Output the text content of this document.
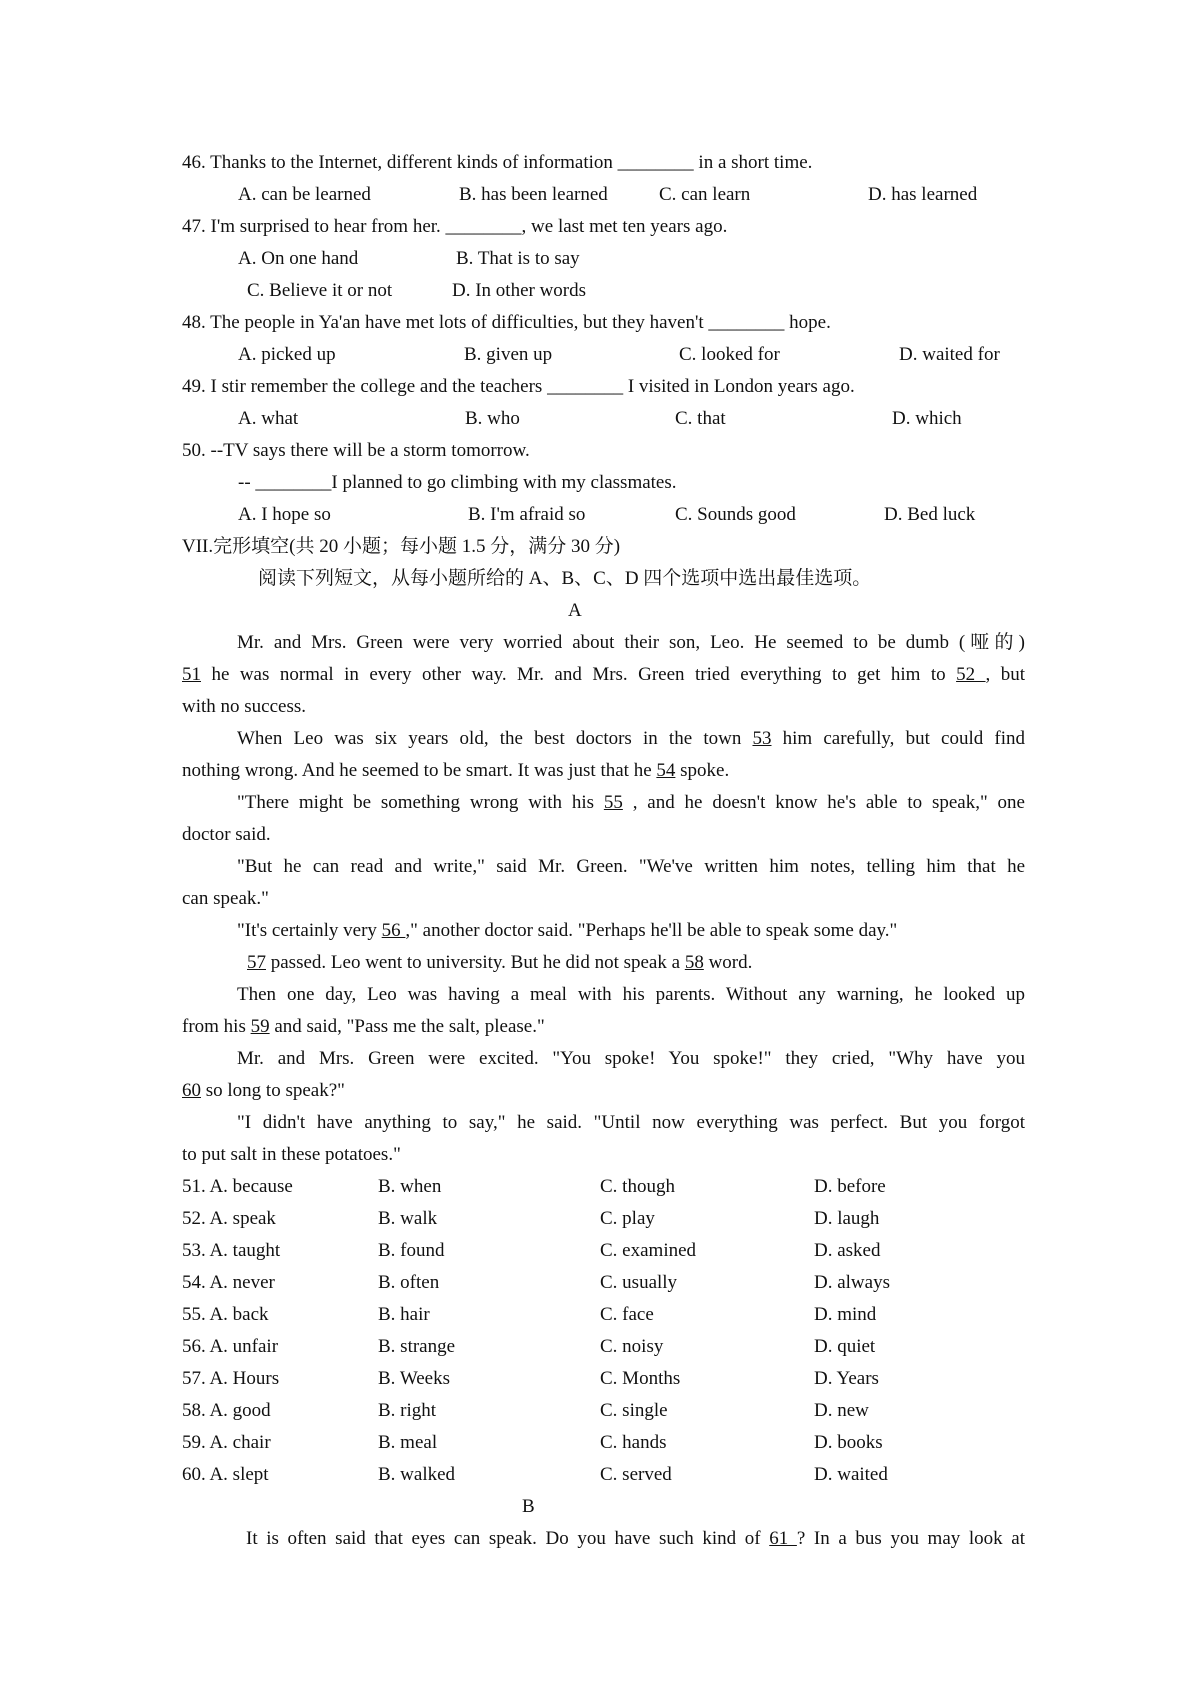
46. Thanks to the Internet, different kinds of information ________ in a short time.
A. can be learned	B. has been learned	C. can learn	D. has learned
47. I'm surprised to hear from her. ________, we last met ten years ago.
A. On one hand	B. That is to say
C. Believe it or not	D. In other words
48. The people in Ya'an have met lots of difficulties, but they haven't ________ hope.
A. picked up	B. given up	C. looked for	D. waited for
49. I stir remember the college and the teachers ________ I visited in London years ago.
A. what	B. who	C. that	D. which
50. --TV says there will be a storm tomorrow.
-- ________I planned to go climbing with my classmates.
A. I hope so	B. I'm afraid so	C. Sounds good	D. Bed luck
VII.完形填空(共 20 小题；每小题 1.5 分，满分 30 分)
阅读下列短文，从每小题所给的 A、B、C、D 四个选项中选出最佳选项。
A
Mr. and Mrs. Green were very worried about their son, Leo. He seemed to be dumb (哑的)
51 he was normal in every other way. Mr. and Mrs. Green tried everything to get him to 52 , but
with no success.
When Leo was six years old, the best doctors in the town 53 him carefully, but could find
nothing wrong. And he seemed to be smart. It was just that he 54 spoke.
"There might be something wrong with his 55 , and he doesn't know he's able to speak," one
doctor said.
"But he can read and write," said Mr. Green. "We've written him notes, telling him that he
can speak."
"It's certainly very 56 ," another doctor said. "Perhaps he'll be able to speak some day."
57 passed. Leo went to university. But he did not speak a 58 word.
Then one day, Leo was having a meal with his parents. Without any warning, he looked up
from his 59 and said, "Pass me the salt, please."
Mr. and Mrs. Green were excited. "You spoke! You spoke!" they cried, "Why have you
60 so long to speak?"
"I didn't have anything to say," he said. "Until now everything was perfect. But you forgot
to put salt in these potatoes."
51. A. because	B. when	C. though	D. before
52. A. speak	B. walk	C. play	D. laugh
53. A. taught	B. found	C. examined	D. asked
54. A. never	B. often	C. usually	D. always
55. A. back	B. hair	C. face	D. mind
56. A. unfair	B. strange	C. noisy	D. quiet
57. A. Hours	B. Weeks	C. Months	D. Years
58. A. good	B. right	C. single	D. new
59. A. chair	B. meal	C. hands	D. books
60. A. slept	B. walked	C. served	D. waited
B
It is often said that eyes can speak. Do you have such kind of 61 ? In a bus you may look at
